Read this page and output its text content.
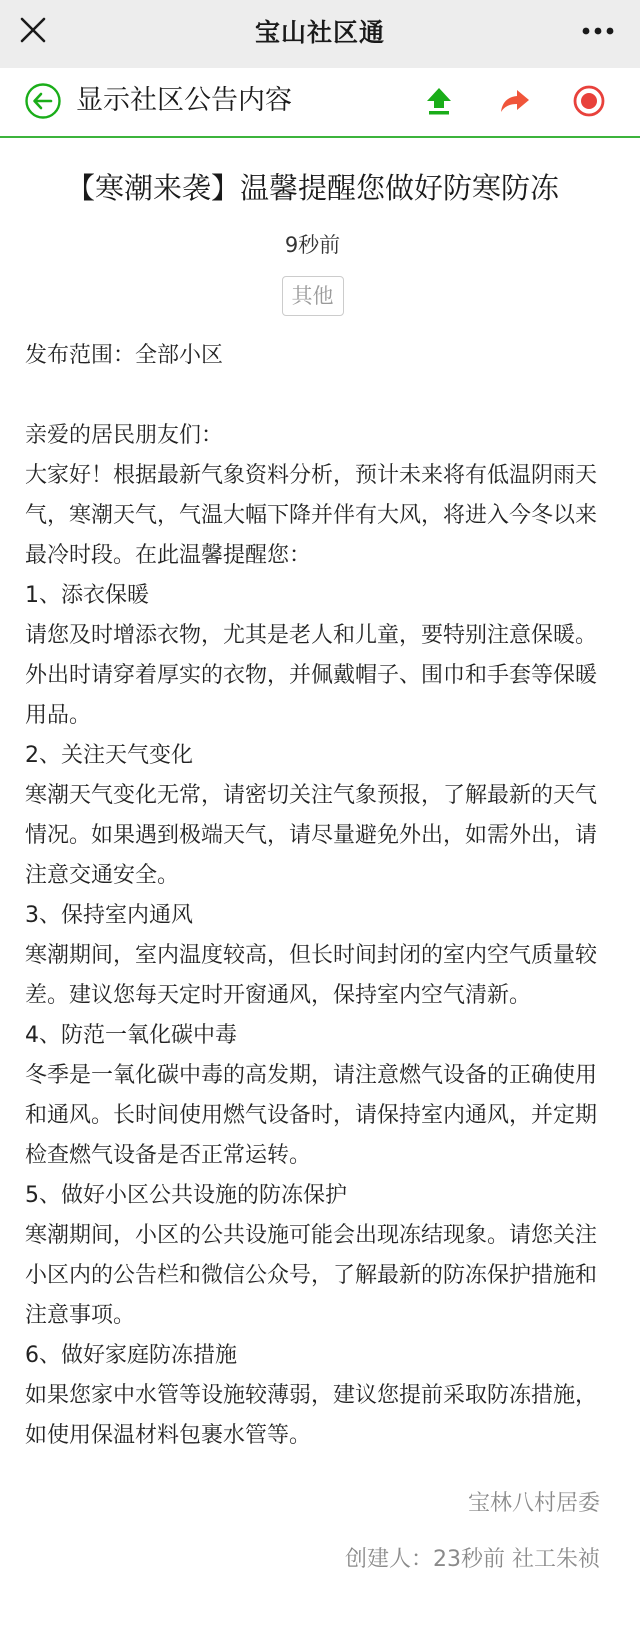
宝山社区通
显示社区公告内容
【寒潮来袭】温馨提醒您做好防寒防冻
9秒前
其他
发布范围：全部小区

亲爱的居民朋友们：

大家好！根据最新气象资料分析，预计未来将有低温阴雨天气，寒潮天气，气温大幅下降并伴有大风，将进入今冬以来最冷时段。在此温馨提醒您：

1、添衣保暖

请您及时增添衣物，尤其是老人和儿童，要特别注意保暖。外出时请穿着厚实的衣物，并佩戴帽子、围巾和手套等保暖用品。

2、关注天气变化

寒潮天气变化无常，请密切关注气象预报，了解最新的天气情况。如果遇到极端天气，请尽量避免外出，如需外出，请注意交通安全。

3、保持室内通风

寒潮期间，室内温度较高，但长时间封闭的室内空气质量较差。建议您每天定时开窗通风，保持室内空气清新。

4、防范一氧化碳中毒

冬季是一氧化碳中毒的高发期，请注意燃气设备的正确使用和通风。长时间使用燃气设备时，请保持室内通风，并定期检查燃气设备是否正常运转。

5、做好小区公共设施的防冻保护

寒潮期间，小区的公共设施可能会出现冻结现象。请您关注小区内的公告栏和微信公众号，了解最新的防冻保护措施和注意事项。

6、做好家庭防冻措施

如果您家中水管等设施较薄弱，建议您提前采取防冻措施，如使用保温材料包裹水管等。

宝林八村居委
创建人：23秒前 社工朱祯
